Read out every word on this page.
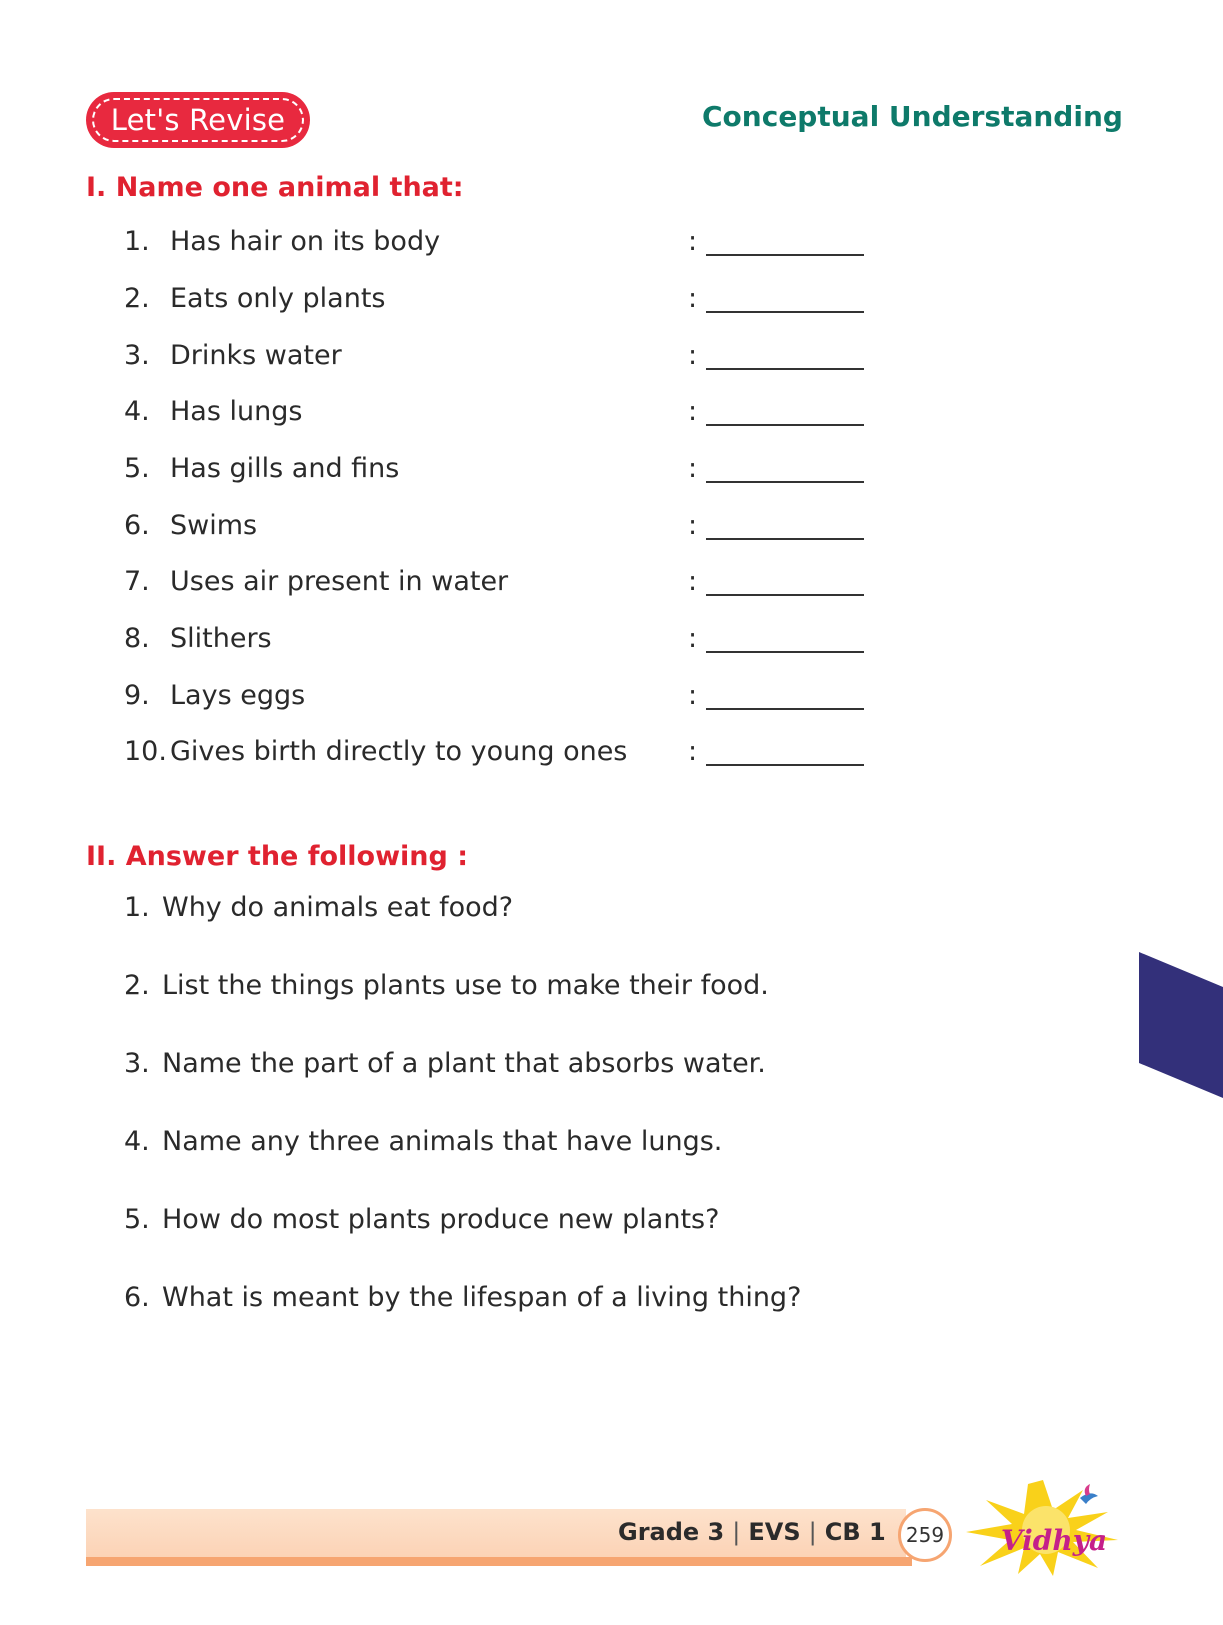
Let's Revise	Conceptual Understanding
I. Name one animal that:
1. Has hair on its body	:
2. Eats only plants	:
3. Drinks water	:
4. Has lungs	:
5. Has gills and fins	:
6. Swims	:
7. Uses air present in water	:
8. Slithers	:
9. Lays eggs	:
10. Gives birth directly to young ones :
II. Answer the following :
1. Why do animals eat food?
2. List the things plants use to make their food.
3. Name the part of a plant that absorbs water.
4. Name any three animals that have lungs.
5. How do most plants produce new plants?
6. What is meant by the lifespan of a living thing?
Grade 3 | EVS | CB 1	259 Vidhya
